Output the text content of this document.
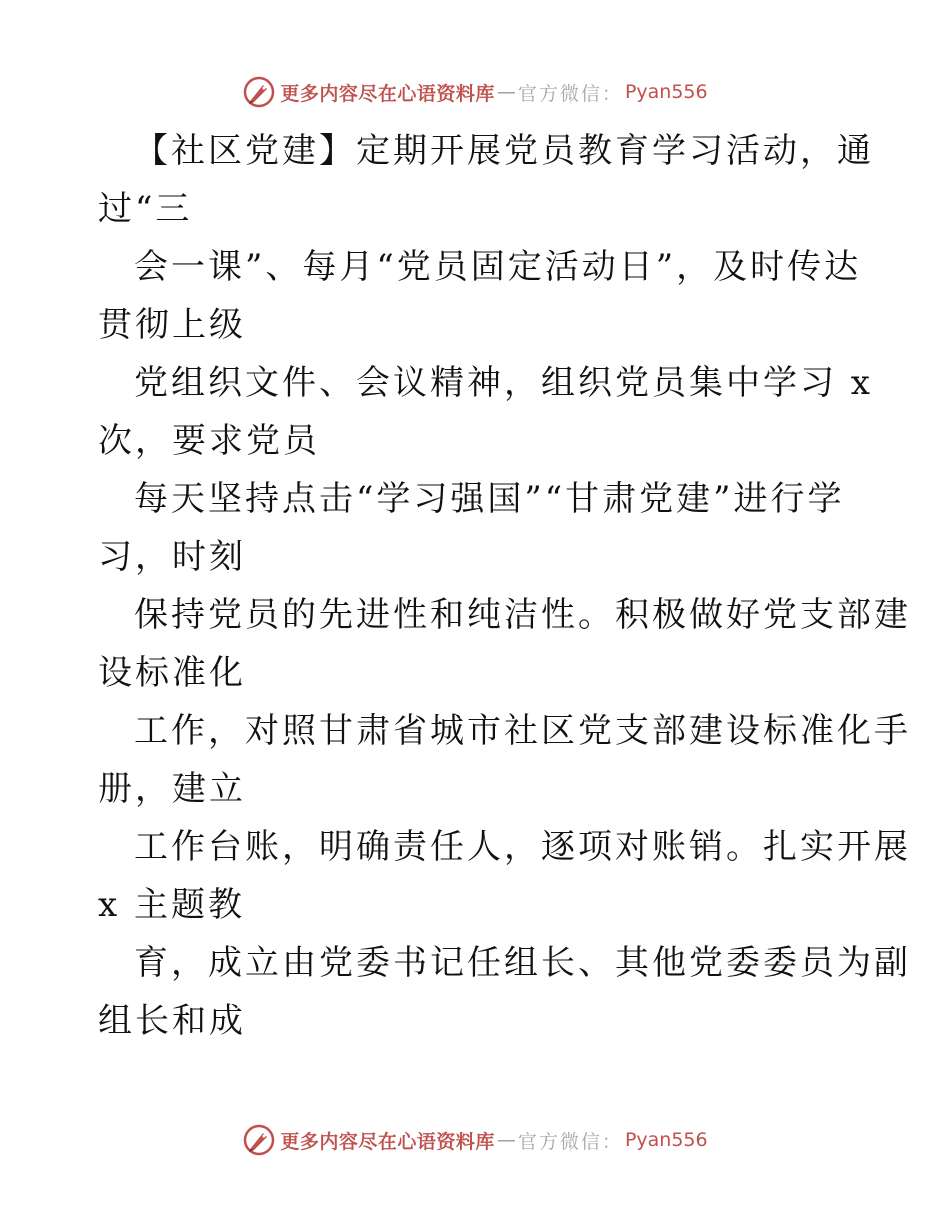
更多内容尽在心语资料库 — 官方微信： Pyan556
【社区党建】定期开展党员教育学习活动，通
过“三
会一课”、每月“党员固定活动日”，及时传达
贯彻上级
党组织文件、会议精神，组织党员集中学习 x
次，要求党员
每天坚持点击“学习强国”“甘肃党建”进行学
习，时刻
保持党员的先进性和纯洁性。积极做好党支部建
设标准化
工作，对照甘肃省城市社区党支部建设标准化手
册，建立
工作台账，明确责任人，逐项对账销。扎实开展
x 主题教
育，成立由党委书记任组长、其他党委委员为副
组长和成
更多内容尽在心语资料库 — 官方微信： Pyan556
